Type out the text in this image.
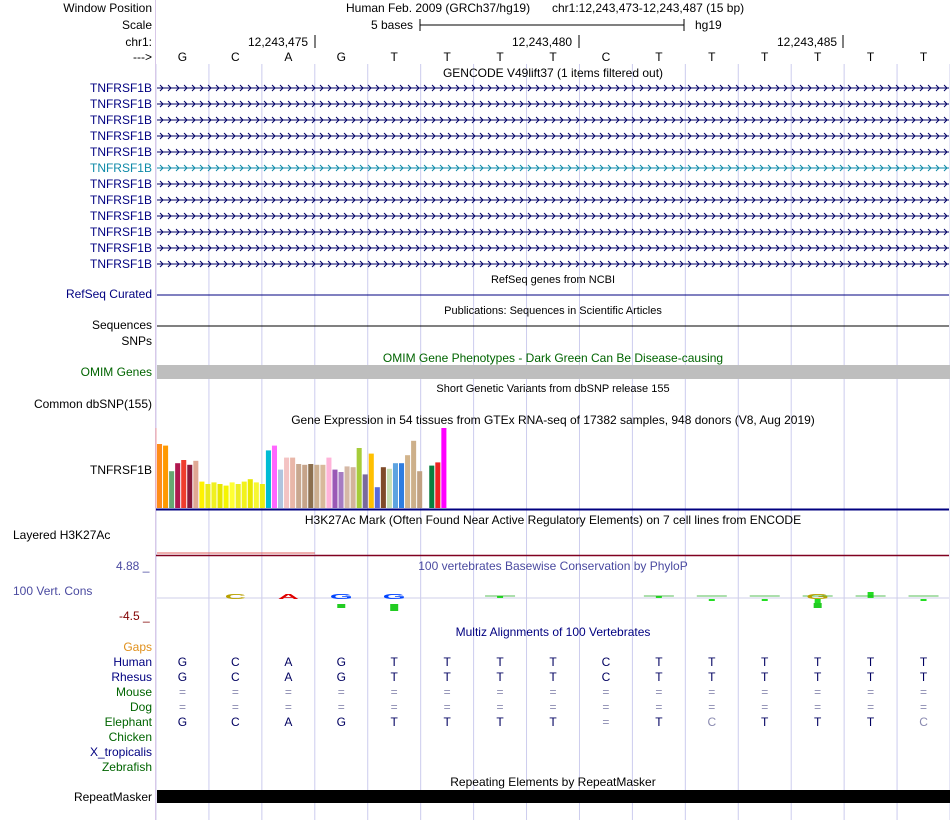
C A G G	G
Window Position	Human Feb. 2009 (GRCh37/hg19) chr1:12,243,473-12,243,487 (15 bp)
Scale	5 bases	hg19
chr1:	12,243,475	12,243,480	12,243,485
--->	G	C	A	G	T	T	T	T	C	T	T	T	T	T	T
GENCODE V49lift37 (1 items filtered out)
TNFRSF1B
TNFRSF1B
TNFRSF1B
TNFRSF1B
TNFRSF1B
TNFRSF1B
TNFRSF1B
TNFRSF1B
TNFRSF1B
TNFRSF1B
TNFRSF1B
TNFRSF1B
RefSeq genes from NCBI
RefSeq Curated
Publications: Sequences in Scientific Articles
Sequences
SNPs
OMIM Gene Phenotypes - Dark Green Can Be Disease-causing
OMIM Genes
Short Genetic Variants from dbSNP release 155
Common dbSNP(155)
Gene Expression in 54 tissues from GTEx RNA-seq of 17382 samples, 948 donors (V8, Aug 2019)
TNFRSF1B
H3K27Ac Mark (Often Found Near Active Regulatory Elements) on 7 cell lines from ENCODE
Layered H3K27Ac
100 vertebrates Basewise Conservation by PhyloP
4.88 _
100 Vert. Cons
-4.5 _
Multiz Alignments of 100 Vertebrates
Gaps
Human	G	C	A	G	T	T	T	T	C	T	T	T	T	T	T
Rhesus	G	C	A	G	T	T	T	T	C	T	T	T	T	T	T
Mouse	=	=	=	=	=	=	=	=	=	=	=	=	=	=	=
Dog	=	=	=	=	=	=	=	=	=	=	=	=	=	=	=
Elephant	G	C	A	G	T	T	T	T	=	T	C	T	T	T	C
Chicken
X_tropicalis
Zebrafish
Repeating Elements by RepeatMasker
RepeatMasker
